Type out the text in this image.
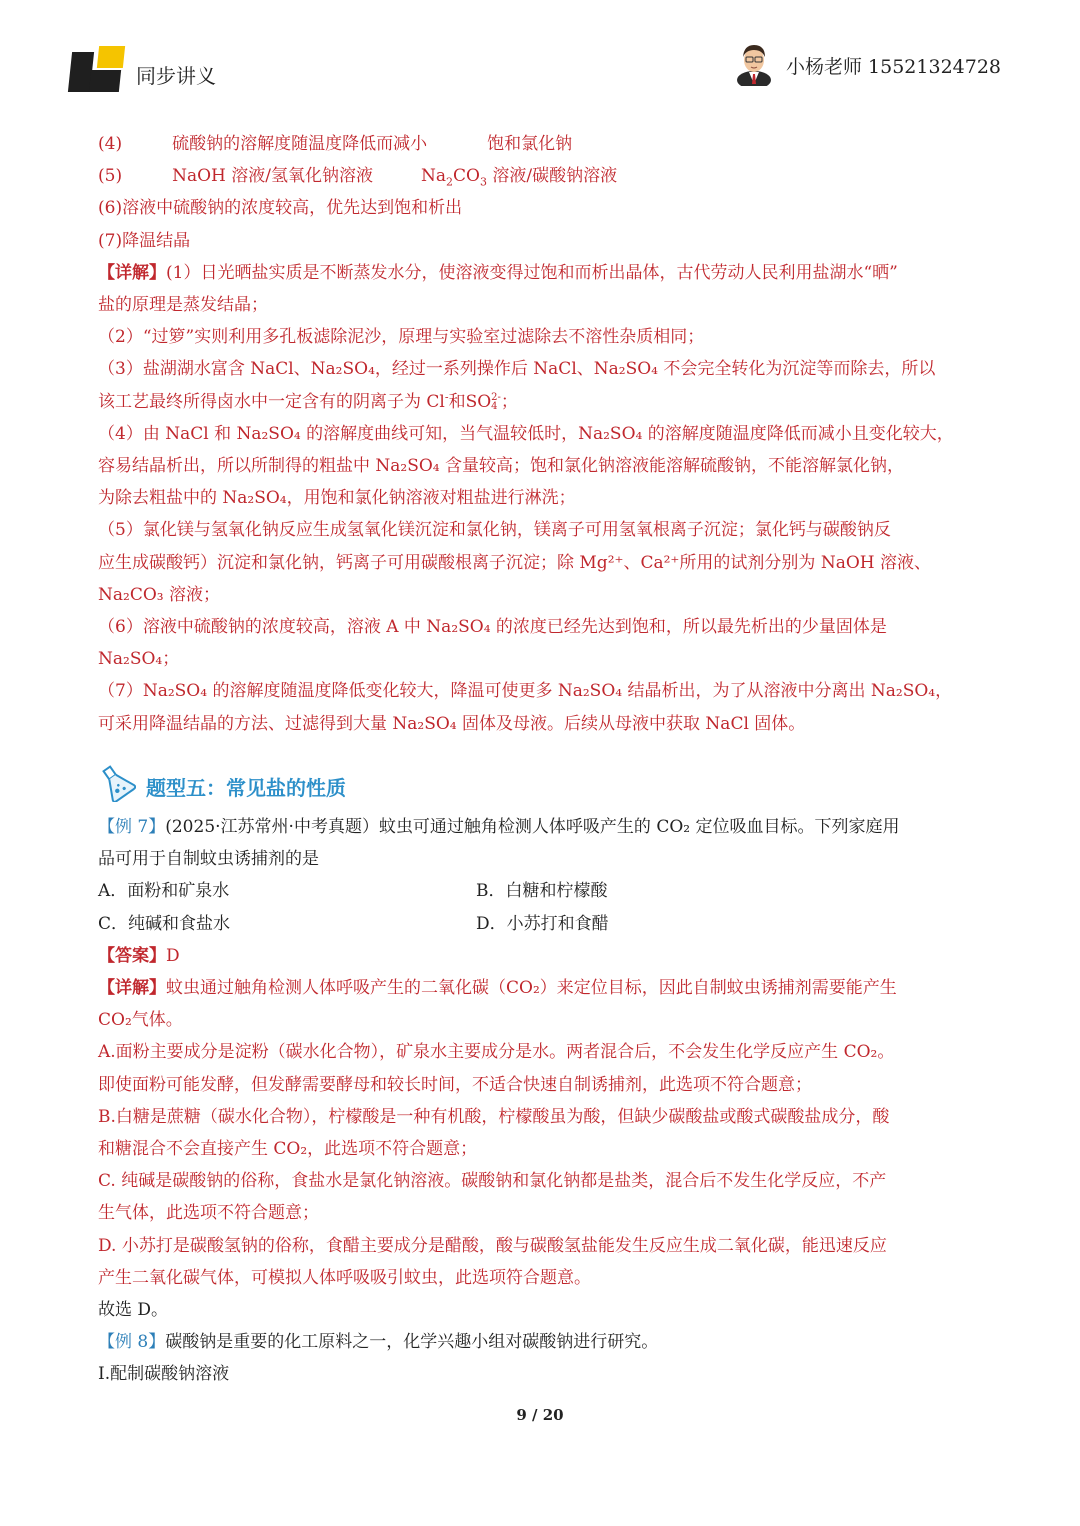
同步讲义	小杨老师 15521324728
(4)	硫酸钠的溶解度随温度降低而减小	饱和氯化钠
(5)	NaOH 溶液/氢氧化钠溶液	$Na_2CO_3$ 溶液/碳酸钠溶液
(6)溶液中硫酸钠的浓度较高，优先达到饱和析出
(7)降温结晶
【详解】(1）日光晒盐实质是不断蒸发水分，使溶液变得过饱和而析出晶体，古代劳动人民利用盐湖水“晒”
盐的原理是蒸发结晶；
（2）“过箩”实则利用多孔板滤除泥沙，原理与实验室过滤除去不溶性杂质相同；
（3）盐湖湖水富含 NaCl、Na₂SO₄，经过一系列操作后 NaCl、Na₂SO₄ 不会完全转化为沉淀等而除去，所以
该工艺最终所得卤水中一定含有的阴离子为 Cl-和SO 2-
4 ；
（4）由 NaCl 和 Na₂SO₄ 的溶解度曲线可知，当气温较低时，Na₂SO₄ 的溶解度随温度降低而减小且变化较大，
容易结晶析出，所以所制得的粗盐中 Na₂SO₄ 含量较高；饱和氯化钠溶液能溶解硫酸钠，不能溶解氯化钠，
为除去粗盐中的 Na₂SO₄，用饱和氯化钠溶液对粗盐进行淋洗；
（5）氯化镁与氢氧化钠反应生成氢氧化镁沉淀和氯化钠，镁离子可用氢氧根离子沉淀；氯化钙与碳酸钠反
应生成碳酸钙）沉淀和氯化钠，钙离子可用碳酸根离子沉淀；除 Mg²⁺、Ca²⁺所用的试剂分别为 NaOH 溶液、
Na₂CO₃ 溶液；
（6）溶液中硫酸钠的浓度较高，溶液 A 中 Na₂SO₄ 的浓度已经先达到饱和，所以最先析出的少量固体是
Na₂SO₄；
（7）Na₂SO₄ 的溶解度随温度降低变化较大，降温可使更多 Na₂SO₄ 结晶析出，为了从溶液中分离出 Na₂SO₄，
可采用降温结晶的方法、过滤得到大量 Na₂SO₄ 固体及母液。后续从母液中获取 NaCl 固体。
题型五：常见盐的性质
【例 7】(2025·江苏常州·中考真题）蚊虫可通过触角检测人体呼吸产生的 CO₂ 定位吸血目标。下列家庭用
品可用于自制蚊虫诱捕剂的是
A．面粉和矿泉水	B．白糖和柠檬酸
C．纯碱和食盐水	D．小苏打和食醋
【答案】D
【详解】蚊虫通过触角检测人体呼吸产生的二氧化碳（CO₂）来定位目标，因此自制蚊虫诱捕剂需要能产生
CO₂气体。
A.面粉主要成分是淀粉（碳水化合物），矿泉水主要成分是水。两者混合后，不会发生化学反应产生 CO₂。
即使面粉可能发酵，但发酵需要酵母和较长时间，不适合快速自制诱捕剂，此选项不符合题意；
B.白糖是蔗糖（碳水化合物），柠檬酸是一种有机酸，柠檬酸虽为酸，但缺少碳酸盐或酸式碳酸盐成分，酸
和糖混合不会直接产生 CO₂，此选项不符合题意；
C. 纯碱是碳酸钠的俗称，食盐水是氯化钠溶液。碳酸钠和氯化钠都是盐类，混合后不发生化学反应，不产
生气体，此选项不符合题意；
D. 小苏打是碳酸氢钠的俗称，食醋主要成分是醋酸，酸与碳酸氢盐能发生反应生成二氧化碳，能迅速反应
产生二氧化碳气体，可模拟人体呼吸吸引蚊虫，此选项符合题意。
故选 D。
【例 8】碳酸钠是重要的化工原料之一，化学兴趣小组对碳酸钠进行研究。
I.配制碳酸钠溶液
9 / 20
